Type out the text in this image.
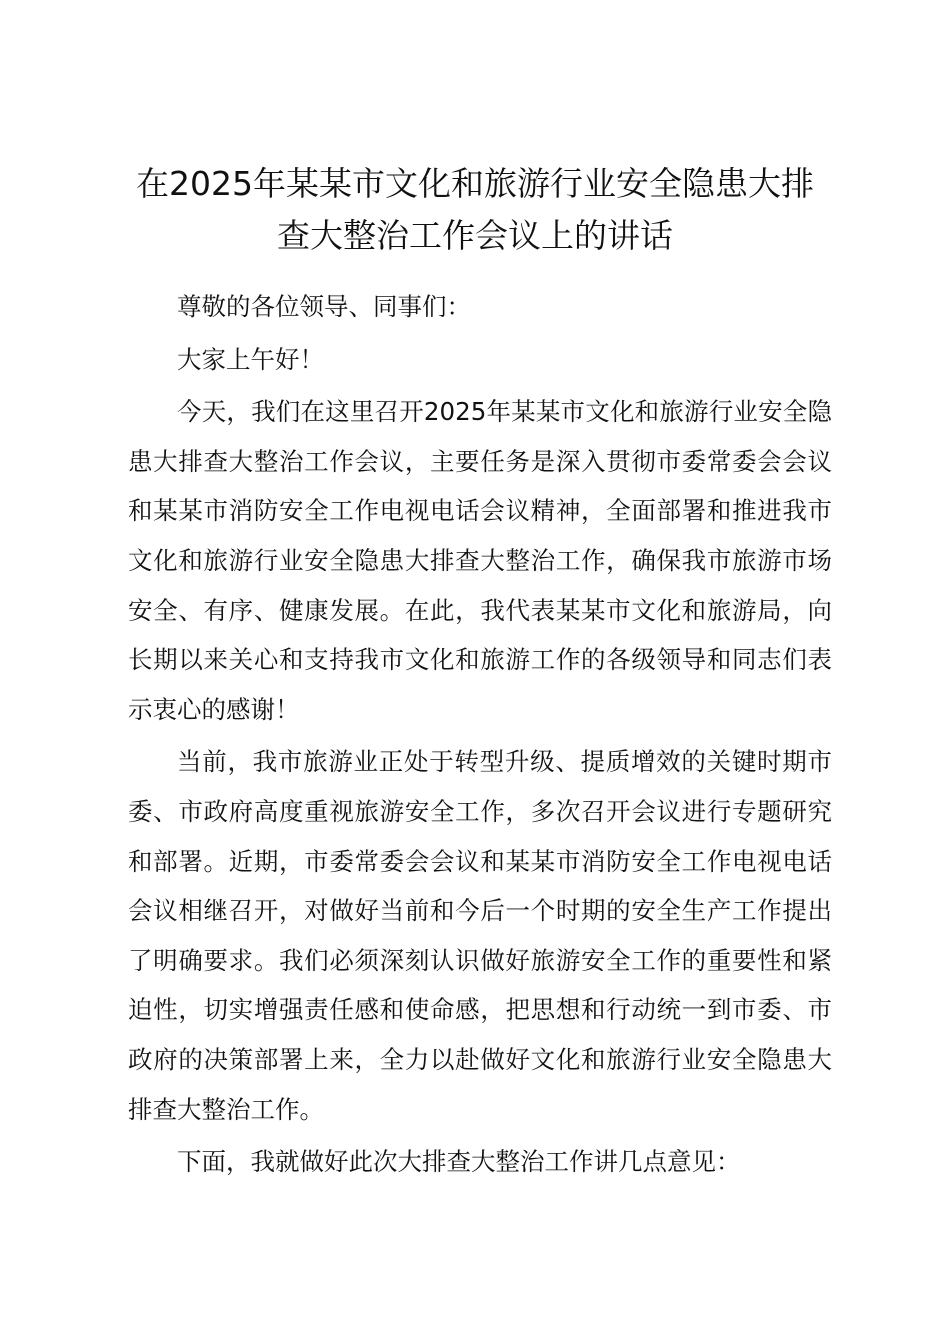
在2025年某某市文化和旅游行业安全隐患大排查大整治工作会议上的讲话

尊敬的各位领导、同事们：

大家上午好！

今天，我们在这里召开2025年某某市文化和旅游行业安全隐患大排查大整治工作会议，主要任务是深入贯彻市委常委会会议和某某市消防安全工作电视电话会议精神，全面部署和推进我市文化和旅游行业安全隐患大排查大整治工作，确保我市旅游市场安全、有序、健康发展。在此，我代表某某市文化和旅游局，向长期以来关心和支持我市文化和旅游工作的各级领导和同志们表示衷心的感谢！

当前，我市旅游业正处于转型升级、提质增效的关键时期市委、市政府高度重视旅游安全工作，多次召开会议进行专题研究和部署。近期，市委常委会会议和某某市消防安全工作电视电话会议相继召开，对做好当前和今后一个时期的安全生产工作提出了明确要求。我们必须深刻认识做好旅游安全工作的重要性和紧迫性，切实增强责任感和使命感，把思想和行动统一到市委、市政府的决策部署上来，全力以赴做好文化和旅游行业安全隐患大排查大整治工作。

下面，我就做好此次大排查大整治工作讲几点意见：
